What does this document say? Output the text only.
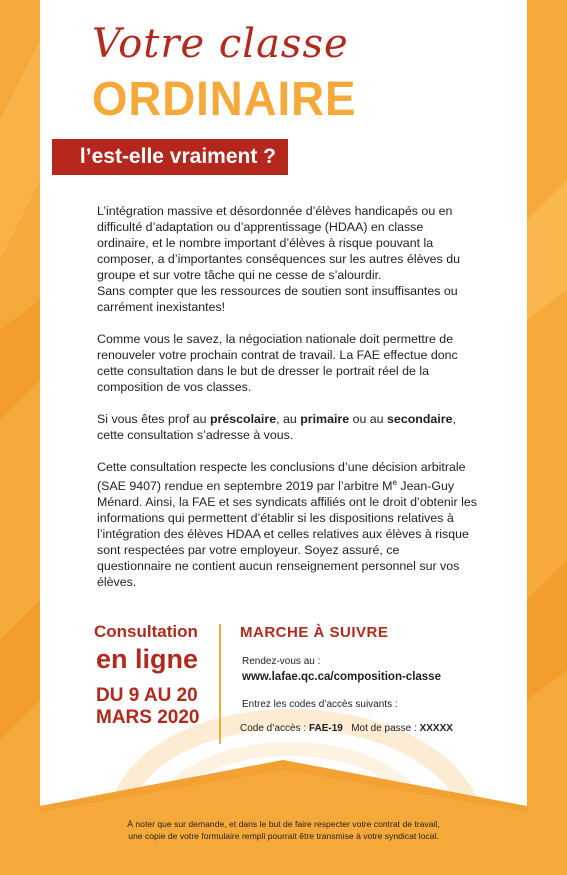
Votre classe
ORDINAIRE
l’est-elle vraiment ?

L’intégration massive et désordonnée d’élèves handicapés ou en difficulté d’adaptation ou d’apprentissage (HDAA) en classe ordinaire, et le nombre important d’élèves à risque pouvant la composer, a d’importantes conséquences sur les autres élèves du groupe et sur votre tâche qui ne cesse de s’alourdir.
Sans compter que les ressources de soutien sont insuffisantes ou carrément inexistantes!

Comme vous le savez, la négociation nationale doit permettre de renouveler votre prochain contrat de travail. La FAE effectue donc cette consultation dans le but de dresser le portrait réel de la composition de vos classes.

Si vous êtes prof au préscolaire, au primaire ou au secondaire, cette consultation s’adresse à vous.

Cette consultation respecte les conclusions d’une décision arbitrale (SAE 9407) rendue en septembre 2019 par l’arbitre Me Jean-Guy Ménard. Ainsi, la FAE et ses syndicats affiliés ont le droit d’obtenir les informations qui permettent d’établir si les dispositions relatives à l’intégration des élèves HDAA et celles relatives aux élèves à risque sont respectées par votre employeur. Soyez assuré, ce questionnaire ne contient aucun renseignement personnel sur vos élèves.

Consultation
en ligne
DU 9 AU 20
MARS 2020
MARCHE À SUIVRE
Rendez-vous au :
www.lafae.qc.ca/composition-classe
Entrez les codes d’accès suivants :
Code d’accès : FAE-19 Mot de passe : XXXXX
À noter que sur demande, et dans le but de faire respecter votre contrat de travail,
une copie de votre formulaire rempli pourrait être transmise à votre syndicat local.
